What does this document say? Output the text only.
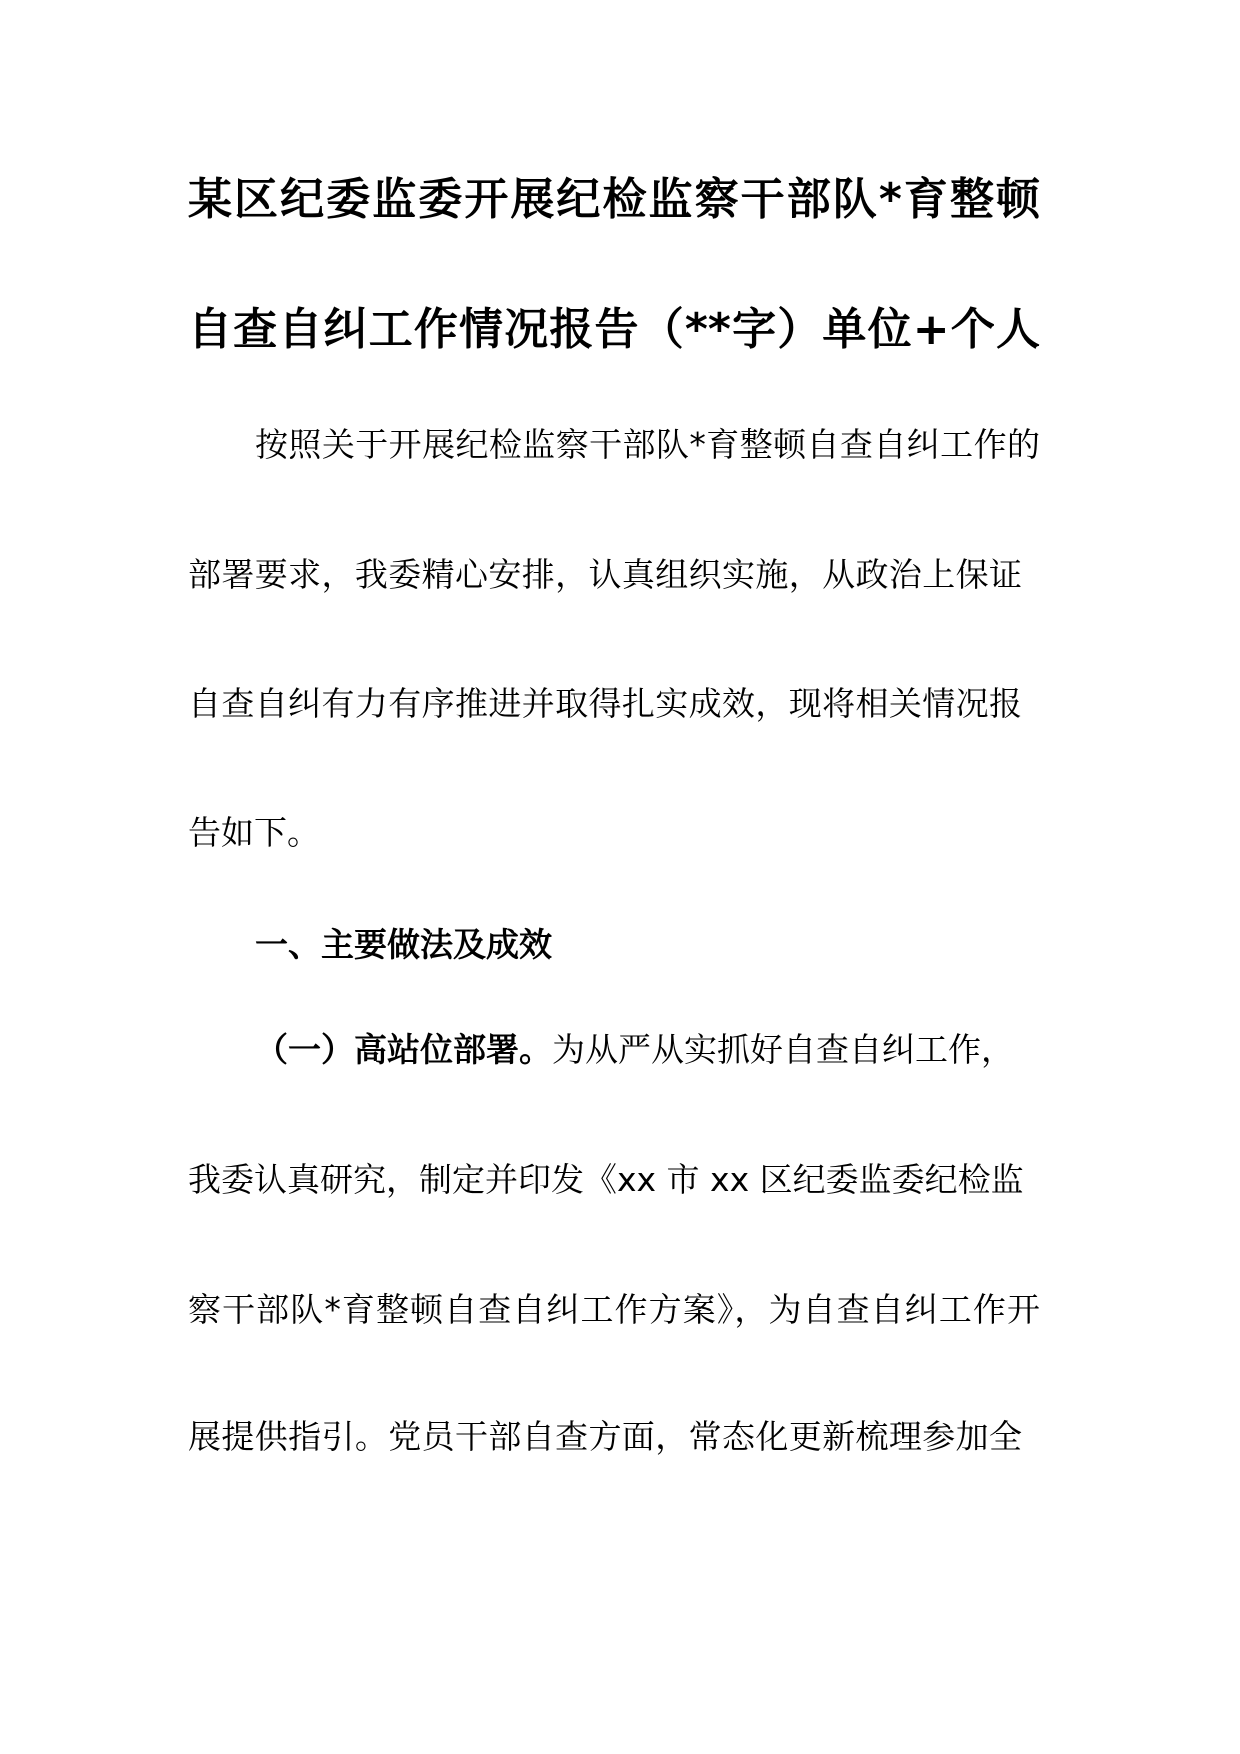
某区纪委监委开展纪检监察干部队*育整顿
自查自纠工作情况报告（**字）单位+个人
按照关于开展纪检监察干部队*育整顿自查自纠工作的
部署要求，我委精心安排，认真组织实施，从政治上保证
自查自纠有力有序推进并取得扎实成效，现将相关情况报
告如下。
一、主要做法及成效
（一）高站位部署。为从严从实抓好自查自纠工作，
我委认真研究，制定并印发《xx 市 xx 区纪委监委纪检监
察干部队*育整顿自查自纠工作方案》，为自查自纠工作开
展提供指引。党员干部自查方面，常态化更新梳理参加全
